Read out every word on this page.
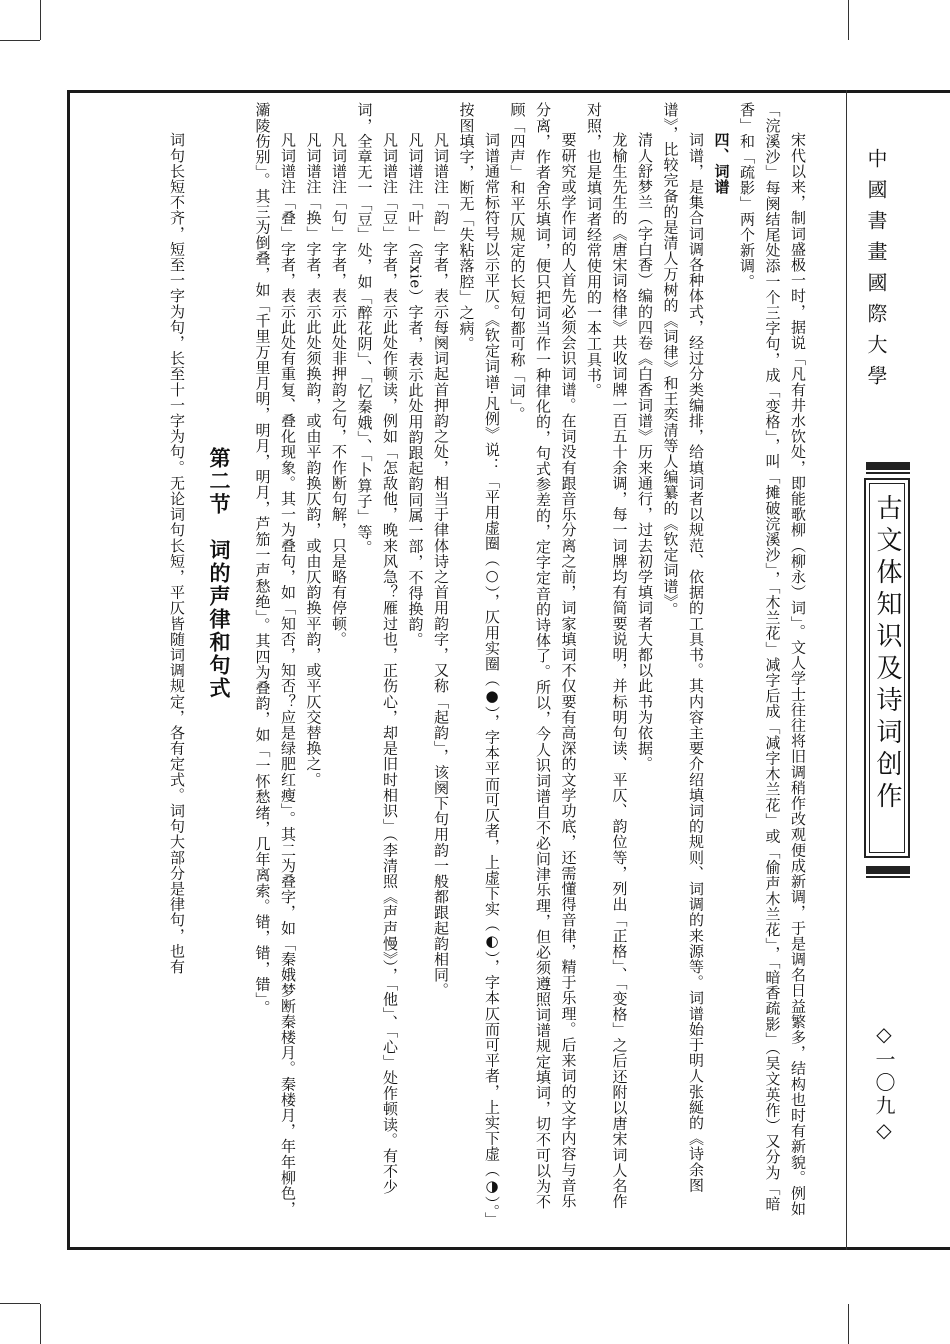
宋代以来，制词盛极一时，据说「凡有井水饮处，即能歌柳（柳永）词」。文人学士往往将旧调稍作改观便成新调，于是调名日益繁多，结构也时有新貌。例如「浣溪沙」每阕结尾处添一个三字句，成「变格」，叫「摊破浣溪沙」，「木兰花」减字后成「减字木兰花」或「偷声木兰花」，「暗香疏影」（吴文英作）又分为「暗香」和「疏影」两个新调。

四、词谱

词谱，是集合词调各种体式，经过分类编排，给填词者以规范、依据的工具书。其内容主要介绍填词的规则、词调的来源等。词谱始于明人张綖的《诗余图谱》，比较完备的是清人万树的《词律》和王奕清等人编纂的《钦定词谱》。

清人舒梦兰（字白香）编的四卷《白香词谱》历来通行，过去初学填词者大都以此书为依据。

龙榆生先生的《唐宋词格律》共收词牌一百五十余调，每一词牌均有简要说明，并标明句读、平仄、韵位等，列出「正格」、「变格」之后还附以唐宋词人名作对照，也是填词者经常使用的一本工具书。

要研究或学作词的人首先必须会识词谱。在词没有跟音乐分离之前，词家填词不仅要有高深的文学功底，还需懂得音律，精于乐理。后来词的文字内容与音乐分离，作者舍乐填词，便只把词当作一种律化的，句式参差的，定字定音的诗体了。所以，今人识词谱自不必问津乐理，但必须遵照词谱规定填词，切不可以为不顾「四声」和平仄规定的长短句都可称「词」。

词谱通常标符号以示平仄。《钦定词谱·凡例》说：「平用虚圈（○），仄用实圈（●），字本平而可仄者，上虚下实（◐），字本仄而可平者，上实下虚（◑）。」按图填字，断无「失粘落腔」之病。

凡词谱注「韵」字者，表示每阕词起首押韵之处，相当于律体诗之首用韵字，又称「起韵」，该阕下句用韵一般都跟起韵相同。

凡词谱注「叶」（音xie）字者，表示此处用韵跟起韵同属一部，不得换韵。

凡词谱注「豆」字者，表示此处作顿读，例如「怎敌他，晚来风急？雁过也，正伤心，却是旧时相识」（李清照《声声慢》），「他」、「心」处作顿读。有不少词，全章无一「豆」处，如「醉花阴」、「忆秦娥」、「卜算子」等。

凡词谱注「句」字者，表示此处非押韵之句，不作断句解，只是略有停顿。

凡词谱注「换」字者，表示此处须换韵，或由平韵换仄韵，或由仄韵换平韵，或平仄交替换之。

凡词谱注「叠」字者，表示此处有重复、叠化现象。其一为叠句，如「知否，知否？应是绿肥红瘦」。其二为叠字，如「秦娥梦断秦楼月。秦楼月，年年柳色，灞陵伤别」。其三为倒叠，如「千里万里月明，明月，明月，芦笳一声愁绝」。其四为叠韵，如「一怀愁绪，几年离索。错，错，错」。

第二节　词的声律和句式

词句长短不齐，短至一字为句，长至十一字为句。无论词句长短，平仄皆随词调规定，各有定式。词句大部分是律句，也有	中國書畫國際大學
古文体知识及诗词创作
◇一〇九◇
